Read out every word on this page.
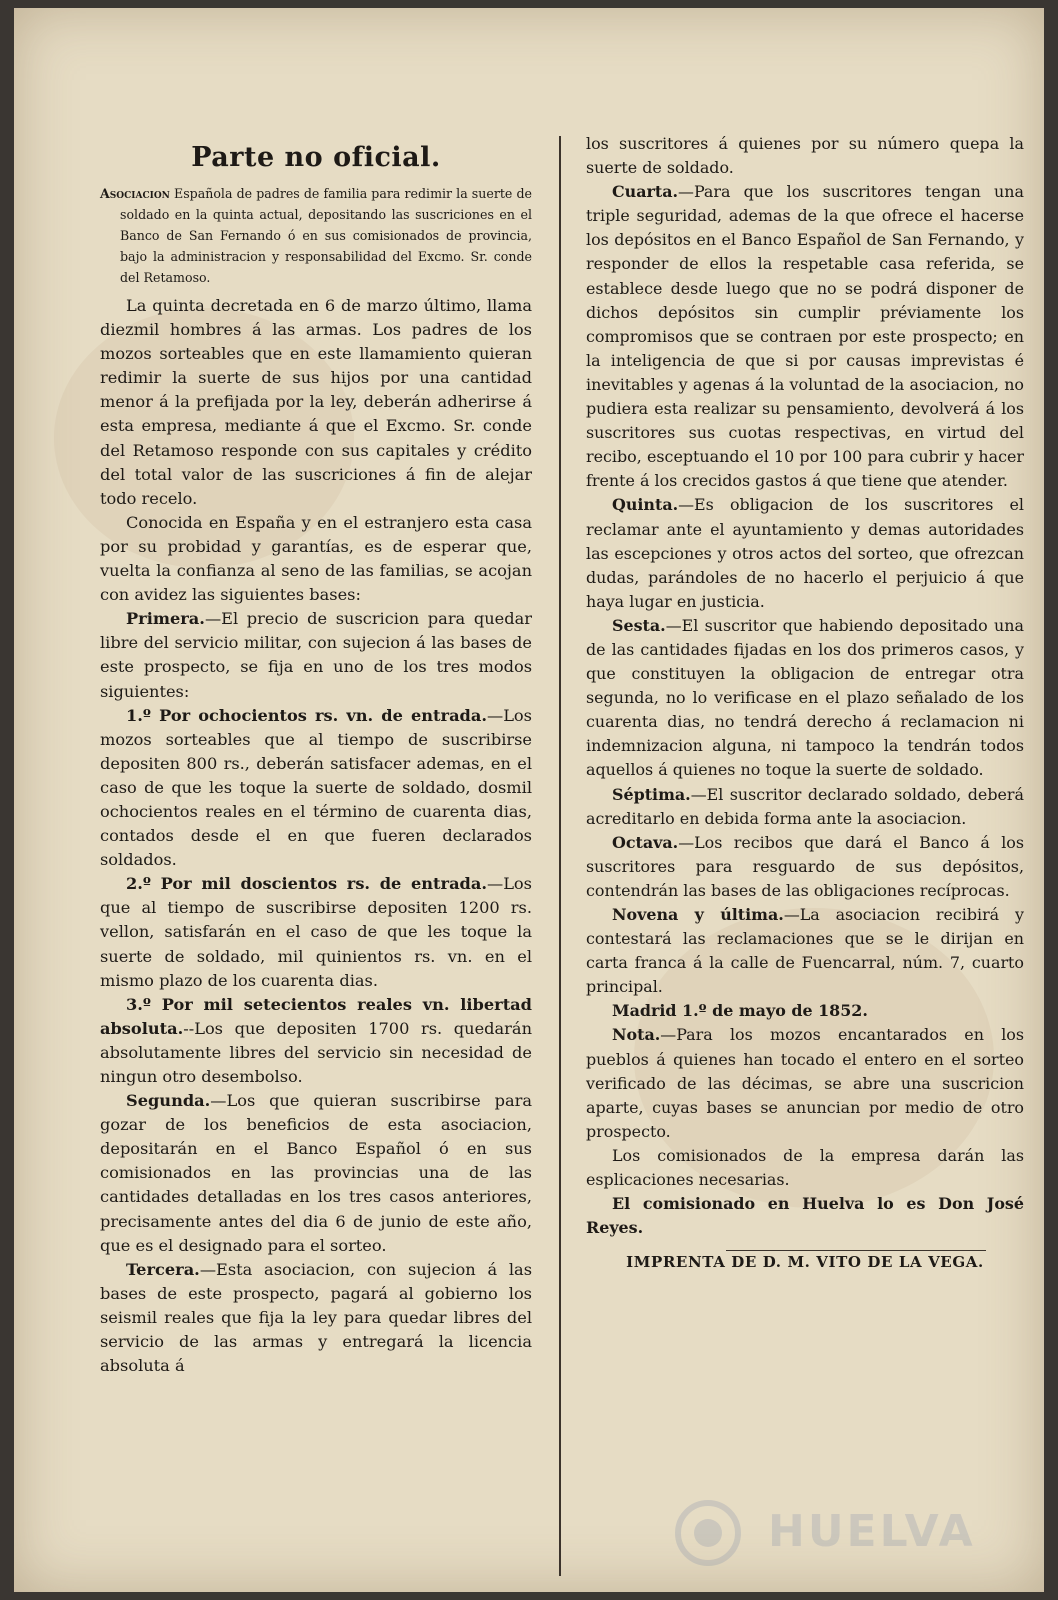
Parte no oficial.
Asociacion Española de padres de familia para redimir la suerte de soldado en la quinta actual, depositando las suscriciones en el Banco de San Fernando ó en sus comisionados de provincia, bajo la administracion y responsabilidad del Excmo. Sr. conde del Retamoso.

La quinta decretada en 6 de marzo último, llama diezmil hombres á las armas. Los padres de los mozos sorteables que en este llamamiento quieran redimir la suerte de sus hijos por una cantidad menor á la prefijada por la ley, deberán adherirse á esta empresa, mediante á que el Excmo. Sr. conde del Retamoso responde con sus capitales y crédito del total valor de las suscriciones á fin de alejar todo recelo.

Conocida en España y en el estranjero esta casa por su probidad y garantías, es de esperar que, vuelta la confianza al seno de las familias, se acojan con avidez las siguientes bases:

Primera.—El precio de suscricion para quedar libre del servicio militar, con sujecion á las bases de este prospecto, se fija en uno de los tres modos siguientes:

1.º Por ochocientos rs. vn. de entrada.—Los mozos sorteables que al tiempo de suscribirse depositen 800 rs., deberán satisfacer ademas, en el caso de que les toque la suerte de soldado, dosmil ochocientos reales en el término de cuarenta dias, contados desde el en que fueren declarados soldados.

2.º Por mil doscientos rs. de entrada.—Los que al tiempo de suscribirse depositen 1200 rs. vellon, satisfarán en el caso de que les toque la suerte de soldado, mil quinientos rs. vn. en el mismo plazo de los cuarenta dias.

3.º Por mil setecientos reales vn. libertad absoluta.--Los que depositen 1700 rs. quedarán absolutamente libres del servicio sin necesidad de ningun otro desembolso.

Segunda.—Los que quieran suscribirse para gozar de los beneficios de esta asociacion, depositarán en el Banco Español ó en sus comisionados en las provincias una de las cantidades detalladas en los tres casos anteriores, precisamente antes del dia 6 de junio de este año, que es el designado para el sorteo.

Tercera.—Esta asociacion, con sujecion á las bases de este prospecto, pagará al gobierno los seismil reales que fija la ley para quedar libres del servicio de las armas y entregará la licencia absoluta á

los suscritores á quienes por su número quepa la suerte de soldado.

Cuarta.—Para que los suscritores tengan una triple seguridad, ademas de la que ofrece el hacerse los depósitos en el Banco Español de San Fernando, y responder de ellos la respetable casa referida, se establece desde luego que no se podrá disponer de dichos depósitos sin cumplir préviamente los compromisos que se contraen por este prospecto; en la inteligencia de que si por causas imprevistas é inevitables y agenas á la voluntad de la asociacion, no pudiera esta realizar su pensamiento, devolverá á los suscritores sus cuotas respectivas, en virtud del recibo, esceptuando el 10 por 100 para cubrir y hacer frente á los crecidos gastos á que tiene que atender.

Quinta.—Es obligacion de los suscritores el reclamar ante el ayuntamiento y demas autoridades las escepciones y otros actos del sorteo, que ofrezcan dudas, parándoles de no hacerlo el perjuicio á que haya lugar en justicia.

Sesta.—El suscritor que habiendo depositado una de las cantidades fijadas en los dos primeros casos, y que constituyen la obligacion de entregar otra segunda, no lo verificase en el plazo señalado de los cuarenta dias, no tendrá derecho á reclamacion ni indemnizacion alguna, ni tampoco la tendrán todos aquellos á quienes no toque la suerte de soldado.

Séptima.—El suscritor declarado soldado, deberá acreditarlo en debida forma ante la asociacion.

Octava.—Los recibos que dará el Banco á los suscritores para resguardo de sus depósitos, contendrán las bases de las obligaciones recíprocas.

Novena y última.—La asociacion recibirá y contestará las reclamaciones que se le dirijan en carta franca á la calle de Fuencarral, núm. 7, cuarto principal.

Madrid 1.º de mayo de 1852.

Nota.—Para los mozos encantarados en los pueblos á quienes han tocado el entero en el sorteo verificado de las décimas, se abre una suscricion aparte, cuyas bases se anuncian por medio de otro prospecto.

Los comisionados de la empresa darán las esplicaciones necesarias.

El comisionado en Huelva lo es Don José Reyes.

IMPRENTA DE D. M. VITO DE LA VEGA.

HUELVA
